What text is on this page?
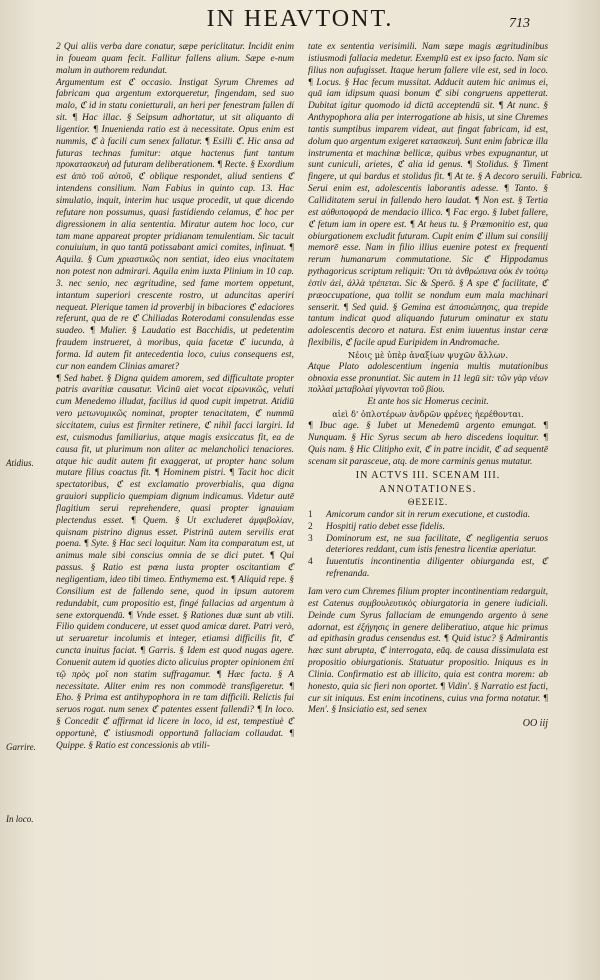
IN HEAVTONT.	713
Atidius.
Garrire.
In loco.
Fabrica.

2 Qui aliis verba dare conatur, sæpe periclitatur. Incidit enim in foueam quam fecit. Fallitur fallens alium. Sæpe e-num malum in authorem redundat.

Argumentum est ℭ occasio. Instigat Syrum Chremes ad fabricam qua argentum extorqueretur, fingendam, sed suo malo, ℭ id in statu conietturali, an heri per fenestram fallen di sit. ¶ Hac illac. § Seipsum adhortatur, ut sit aliquanto di ligentior. ¶ Inuenienda ratio est à necessitate. Opus enim est nummis, ℭ à facili cum senex fallatur. ¶ Esilli ℭ. Hic ansa ad futuras technas fumitur: atque hactenus funt tantum προκατασκευὴ ad futuram deliberationem. ¶ Recte. § Exordium est ἀπὸ τοῦ αὐτοῦ, ℭ oblique respondet, aliud sentiens ℭ intendens consilium. Nam Fabius in quinto cap. 13. Hac simulatio, inquit, interim huc usque procedit, ut quæ dicendo refutare non possumus, quasi fastidiendo celamus, ℭ hoc per digressionem in alia sententia. Miratur autem hoc loco, cur tam mane appareat propter pridianam temulentiam. Sic tacuit conuiuium, in quo tantū potissabant amici comites, infinuat. ¶ Aquila. § Cum χριαστικῶς non sentiat, ideo eius vnacitatem non potest non admirari. Aquila enim iuxta Plinium in 10 cap. 3. nec senio, nec ægritudine, sed fame mortem oppetunt, intantum superiori crescente rostro, ut aduncitas aperiri nequeat. Plerique tamen id proverbij in bibaciores ℭ edaciores referunt, qua de re ℭ Chiliadas Roterodami consulendas esse suadeo. ¶ Mulier. § Laudatio est Bacchidis, ut pedetentim fraudem instrueret, à moribus, quia facetæ ℭ iucunda, à forma. Id autem fit antecedentia loco, cuius consequens est, cur non eandem Clinias amaret?

¶ Sed habet. § Digna quidem amorem, sed difficultate propter patris avaritiæ causatur. Vicinū aiet vocat εἰρωνικῶς, veluti cum Menedemo illudat, facilius id quod cupit impetrat. Atidiū vero μετωνυμικῶς nominat, propter tenacitatem, ℭ nummū siccitatem, cuius est firmiter retinere, ℭ nihil facci largiri. Id est, cuismodus familiarius, atque magis exsiccatus fit, ea de causa fit, ut plurimum non aliter ac melancholici tenaciores. atque hic audit autem fit exaggerat, ut propter hanc solum mutare filius coactus fit. ¶ Hominem pistri. ¶ Tacit hoc dicit spectatoribus, ℭ est exclamatio proverbialis, qua digna grauiori supplicio quempiam dignum indicamus. Videtur autē flagitium serui reprehendere, quasi propter ignauiam plectendus esset. ¶ Quem. § Ut excluderet ἀμφιβολίαν, quisnam pistrino dignus esset. Pistrinū autem servilis erat poena. ¶ Syte. § Hac seci loquitur. Nam ita comparatum est, ut animus male sibi conscius omnia de se dici putet. ¶ Qui passus. § Ratio est pœna iusta propter oscitantiam ℭ negligentiam, ideo tibi timeo. Enthymema est. ¶ Aliquid repe. § Consilium est de fallendo sene, quod in ipsum autorem redundabit, cum propositio est, fingé fallacias ad argentum à sene extorquendū. ¶ Vnde esset. § Rationes duæ sunt ab vtili. Filio quidem conducere, ut esset quod amicæ daret. Patri verò, ut seruaretur incolumis et integer, etiamsi difficilis fit, ℭ cuncta inuitus faciat. ¶ Garris. § Idem est quod nugas agere. Conuenit autem id quoties dicto alicuius propter opinionem ἐπὶ τῷ πρὸς μοῖ non statim suffragamur. ¶ Hæc facta. § A necessitate. Aliter enim res non commodè transfigeretur. ¶ Eho. § Prima est antihypophora in re tam difficili. Relictis fui seruos rogat. num senex ℭ patentes essent fallendi? ¶ In loco. § Concedit ℭ affirmat id licere in loco, id est, tempestiuè ℭ opportunè, ℭ istiusmodi opportunā fallaciam collaudat. ¶ Quippe. § Ratio est concessionis ab vtili-

tate ex sententia verisimili. Nam sæpe magis ægritudinibus istiusmodi fallacia medetur. Exemplū est ex ipso facto. Nam sic filius non aufugisset. Itaque herum fallere vile est, sed in loco. ¶ Locus. § Hac fecum mussitat. Adducit autem hic animus ei, quā iam idipsum quasi bonum ℭ sibi congruens appetterat. Dubitat igitur quomodo id dictū acceptendū sit. ¶ At nunc. § Anthypophora alia per interrogatione ab hisis, ut sine Chremes tantis sumptibus imparem videat, aut fingat fabricam, id est, dolum quo argentum exigeret κατασκευὴ. Sunt enim fabricæ illa instrumenta et machinæ bellicæ, quibus vrbes expugnantur, ut sunt cuniculi, arietes, ℭ alia id genus. ¶ Stolidus. § Timent fingere, ut qui bardus et stolidus fit. ¶ At te. § A decoro seruili. Serui enim est, adolescentis laborantis adesse. ¶ Tanto. § Calliditatem serui in fallendo hero laudat. ¶ Non est. § Tertia est αὐθυποφορά de mendacio illico. ¶ Fac ergo. § Iubet fallere, ℭ fetum iam in opere est. ¶ At heus tu. § Præmonitio est, qua obiurgationem excludit futuram. Cupit enim ℭ illum sui consilij memorē esse. Nam in filio illius euenire potest ex frequenti rerum humanarum commutatione. Sic ℭ Hippodamus pythagoricus scriptum reliquit: Ὅτι τὰ ἀνθρώπινα οὐκ ἐν τούτῳ ἐστὶν ἀεὶ, ἀλλὰ τρέπεται. Sic & Sperō. § A spe ℭ facilitate, ℭ præoccupatione, qua tollit se nondum eum mala machinari senserit. ¶ Sed quid. § Gemina est ἀποσιώπησις, qua trepide tantum indicat quod aliquando futurum ominatur ex statu adolescentis decoro et natura. Est enim iuuentus instar ceræ flexibilis, ℭ facile apud Euripidem in Andromache.

Νέοις μὲ ὑπὲρ ἀναξίων ψυχῶν ἄλλων.

Atque Plato adolescentium ingenia multis mutationibus obnoxia esse pronuntiat. Sic autem in 11 legū sit: τῶν γὰρ νέων πολλαὶ μεταβολαὶ γίγνονται τοῦ βίου.

Et ante hos sic Homerus cecinit.

αἰεὶ δ' ὁπλοτέρων ἀνδρῶν φρένες ἠερέθονται.

¶ Ibuc age. § Iubet ut Menedemū argento emungat. ¶ Nunquam. § Hic Syrus secum ab hero discedens loquitur. ¶ Quis nam. § Hic Clitipho exit, ℭ in patre incidit, ℭ ad sequentē scenam sit parasceue, atq. de more carminis genus mutatur.

IN ACTVS III. SCENAM III.
ANNOTATIONES.
ΘΕΣΕΙΣ.
1 Amicorum candor sit in rerum executione, et custodia.
2 Hospitij ratio debet esse fidelis.
3 Dominorum est, ne sua facilitate, ℭ negligentia seruos deteriores reddant, cum istis fenestra licentiæ aperiatur.
4 Iuuentutis incontinentia diligenter obiurganda est, ℭ refrenanda.

Iam vero cum Chremes filium propter incontinentiam redarguit, est Catenus συμβουλευτικὸς obiurgatoria in genere iudiciali. Deinde cum Syrus fallaciam de emungendo argento à sene adornat, est ἐξήγησις in genere deliberatiuo, atque hic primus ad epithasin gradus censendus est. ¶ Quid istuc? § Admirantis hæc sunt abrupta, ℭ interrogata, eāq. de causa dissimulata est propositio obiurgationis. Statuatur propositio. Iniquus es in Clinia. Confirmatio est ab illicito, quia est contra morem: ab honesto, quia sic fieri non oportet. ¶ Vidin'. § Narratio est facti, cur sit iniquus. Est enim incotinens, cuius vna forma notatur. ¶ Men'. § Insiciatio est, sed senex

OO iij
